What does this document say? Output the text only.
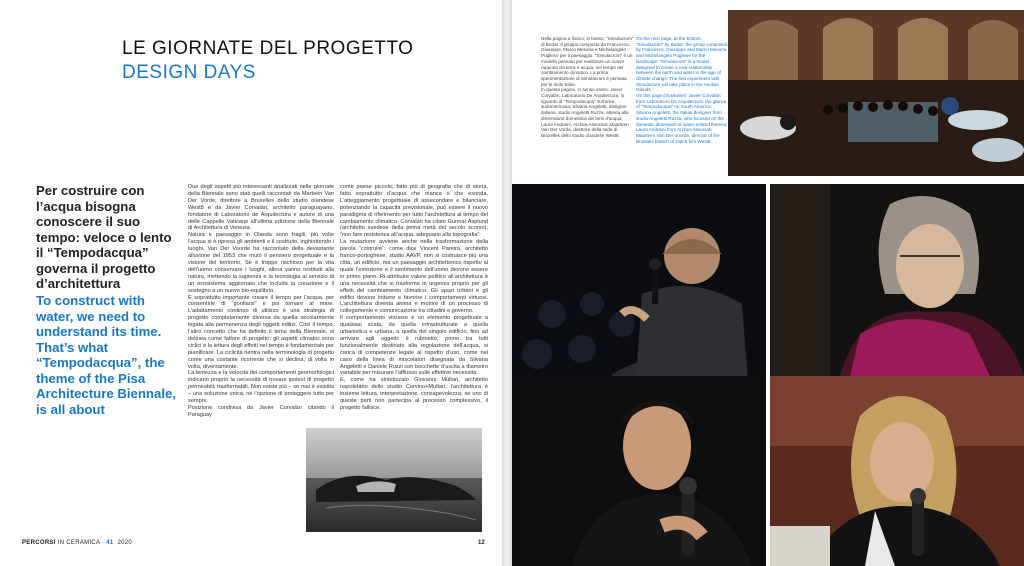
LE GIORNATE DEL PROGETTO
DESIGN DAYS

Per costruire con l’acqua bisogna conoscere il suo tempo: veloce o lento il “Tempodacqua” governa il progetto d’architettura

To construct with water, we need to understand its time. That’s what “Tempodacqua”, the theme of the Pisa Architecture Biennale, is all about

Due degli aspetti più interessanti analizzati nelle giornate della Biennale sono stati quelli raccontati da Marteen Van Der Vorde, direttore a Bruxelles dello studio olandese West8 e da Javier Corvalán, architetto paraguayano, fondatore di Laboratorio de Arquitectura e autore di una delle Cappelle Vaticane all’ultima edizione della Biennale di Architettura di Venezia.
Natura e paesaggio in Olanda sono fragili, più volte l’acqua si è ripresa gli ambienti e il costruito, inghiottendo i luoghi. Van Der Voorde ha raccontato della devastante alluvione del 1953 che mutò il pensiero progettuale e la visione del territorio. Se è troppo rischioso per la vita dell’uomo conservare i luoghi, allora vanno restituiti alla natura, mettendo la sapienza e la tecnologia al servizio di un ecosistema aggiornato che includa la creazione e il sostegno a un nuovo bio-equilibrio.
È soprattutto importante creare il tempo per l’acqua, per consentirle di “gonfiarsi” e poi tornare al mare. L’adattamento continuo di utilizzo è una strategia di progetto completamente diversa da quella secolarmente legata alla permanenza degli oggetti edilizi. Così il tempo, l’altro concetto che ha definito il tema della Biennale, si delinea come fattore di progetto; gli aspetti climatici sono ciclici e la lettura degli effetti nel tempo è fondamentale per pianificare. La ciclicità rientra nella terminologia di progetto come una costante ricorrente che si declina, di volta in volta, diversamente.
La lentezza e la velocità dei comportamenti geomorfologici indicano proprio la necessità di trovare ipotesi di progetto permeabili, trasformabili. Non esiste più – se mai è esistita – una soluzione unica, né l’opzione di proteggere tutto per sempre.
Posizione condivisa da Javier Corvalán citando il Paraguay
come paese piccolo, fatto più di geografia che di storia, fatto soprattutto d’acqua che manca o che esonda. L’atteggiamento progettuale di assecondare e bilanciare, potenziando la capacità previsionale, può essere il nuovo paradigma di riferimento per tutto l’architettura al tempo del cambiamento climatico. Corvalán ha citato Gunnar Asplund (architetto svedese della prima metà del secolo scorso), “non fare resistenza all’acqua, adeguarsi alla topografia”.
La mutazione avviene anche nella trasformazione della parola “costruire”: come dice Vincent Pareira, architetto franco-portoghese, studio AAVP, non si costruisce più una città, un edificio, ma un paesaggio architettonico rispetto al quale l’emozione e il sentimento dell’uomo devono essere in primo piano. Ri-attribuire valore politico all’architettura è una necessità che si trasforma in urgenza proprio per gli effetti del cambiamento climatico. Gli spazi urbani e gli edifici devono indurre e favorire i comportamenti virtuosi. L’architettura diventa anima e motore di un processo di collegamento e comunicazione tra cittadini e governo.
Il comportamento virtuoso è un elemento progettuale a qualsiasi scala, da quella infrastrutturale a quella urbanistica e urbana, a quella del singolo edificio, fino ad arrivare agli oggetti: il rubinetto, primo tra tutti funzionalmente destinato alla regolazione dell’acqua, si carica di competenze legate al rispetto d’uso, come nel caso della linea di miscelatori disegnata da Silvana Angeletti e Daniele Ruzzi con bocchette d’uscita a diametro variabile per misurare l’afflusso sulle effettive necessità.
E, come ha sintetizzato Giovanni Multari, architetto napoletano dello studio Corvino+Multari, l’architettura è insieme lettura, interpretazione, consapevolezza: se uno di queste parti non partecipa al processo complessivo, il progetto fallisce.
PERCORSI IN CERAMICA · 41 2020	12
Nella pagina a fianco, in basso, “Simulacrum” di Bodar. Il gruppo composto da Francesco, Giuseppe, Marco Mesoria e Michelangelo Pugliese per il paesaggio. “Simulacrum” è un modello pensato per realizzare un nuovo rapporto tra terra e acqua, nel tempo del cambiamento climatico. La prima sperimentazione di Simulacrum è pensata per le isole Eolie.
In questa pagina, in senso orario: Javier Corvalán, Laboratorio De Arquitectura; lo sguardo di “Tempodacqua” sull’area sudamericana; Silvana Angeletti, designer italiana, studio Angeletti Ruzza, attenta alla dimensione domestica dei temi d’acqua; Laura Andreini, Archea Associati; Maarteen Van Der Vorde, direttore della sede di Bruxelles dello studio olandese West8.
On the next page, at the bottom, “Simulacrum” by Bodar: the group composed by Francesco, Giuseppe and Marco Mesoria and Michelangelo Pugliese for the landscape. “Simulacrum” is a model designed to create a new relationship between the earth and water in the age of climate change. The first experiment with Simulacrum will take place in the Aeolian Islands.
On this page (clockwise): Javier Corvalán from Laboratorio De Arquitectura: the glance of “Tempodacqua” on South America; Silvana Angeletti, the Italian designer from studio Angeletti Ruzza, who focused on the domestic dimension of water-related themes; Laura Andreini from Archea Associati; Maarteen Van Der Voorde, director of the Brussels branch of Dutch firm West8.
